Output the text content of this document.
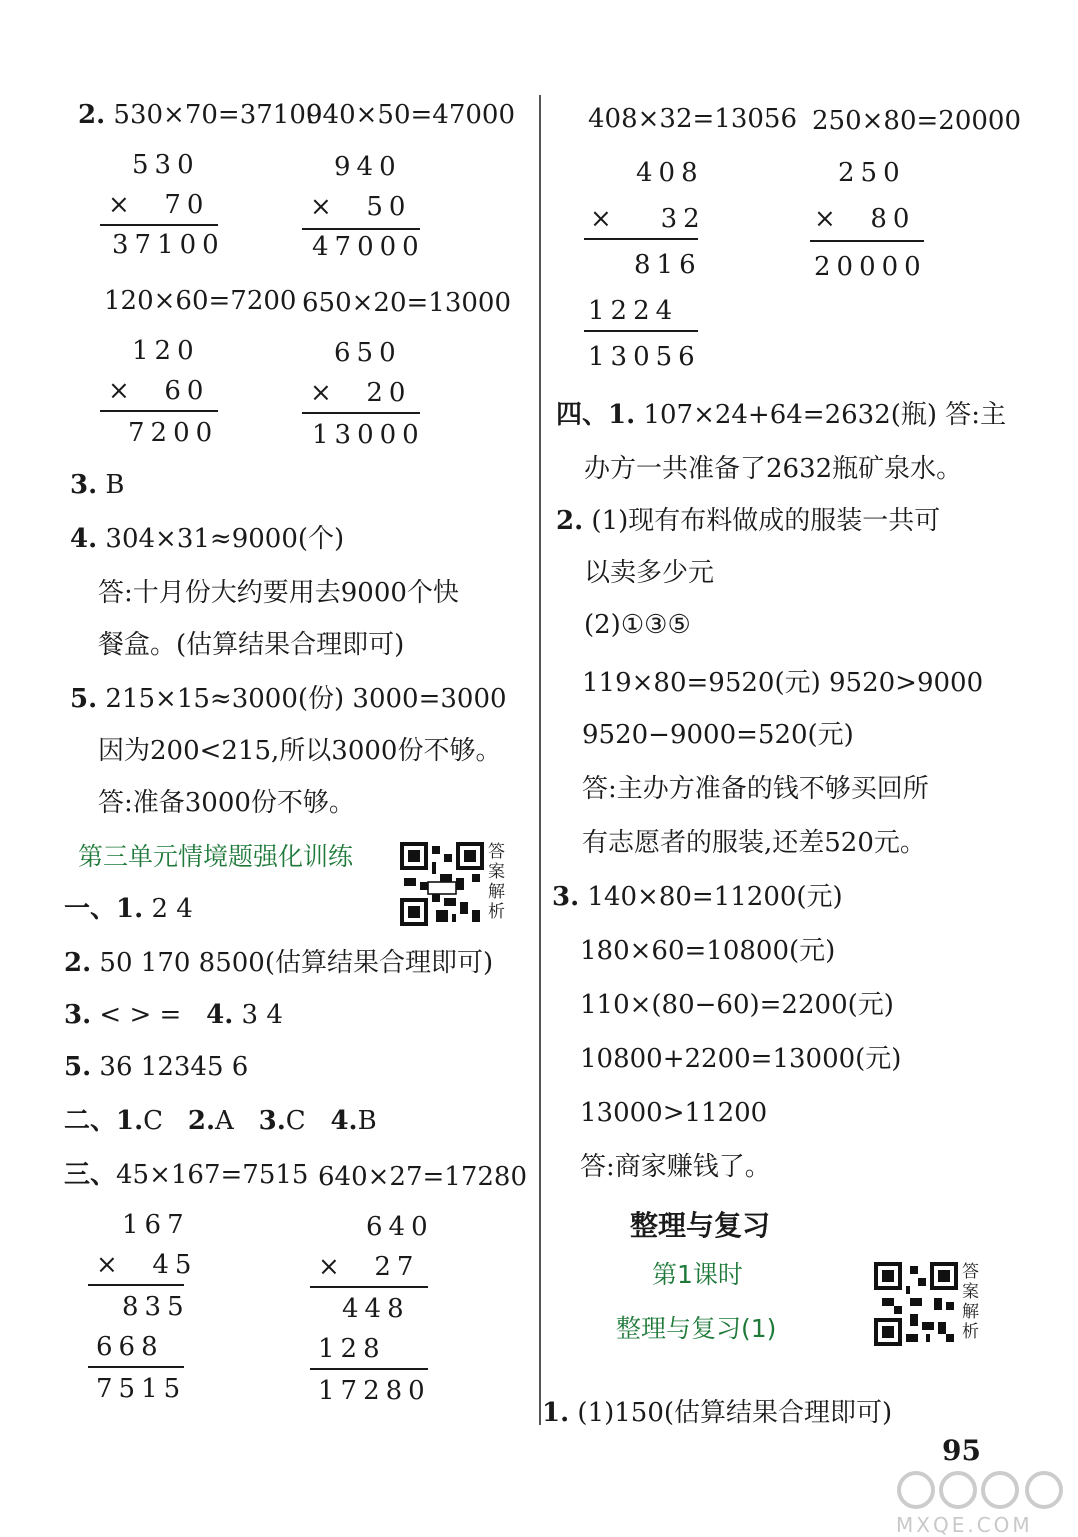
2. 530×70=37100
940×50=47000
530
×  70
37100
940
×  50
47000
120×60=7200 650×20=13000
120
×  60
7200
650
×  20
13000
3. B
4. 304×31≈9000(个)
答:十月份大约要用去9000个快
餐盒。(估算结果合理即可)
5. 215×15≈3000(份) 3000=3000
因为200<215,所以3000份不够。
答:准备3000份不够。
第三单元情境题强化训练	答案解析
一、1. 2 4
2. 50 170 8500(估算结果合理即可)
3. < > = 4. 3 4
5. 36 12345 6
二、1.C 2.A 3.C 4.B
三、45×167=7515 640×27=17280
167
×  45
835
668
7515
640
×  27
448
128
17280
408×32=13056 250×80=20000
408
×   32
816
1224
13056
250
×  80
20000
四、1. 107×24+64=2632(瓶) 答:主
办方一共准备了2632瓶矿泉水。
2. (1)现有布料做成的服装一共可
以卖多少元
(2)①③⑤
119×80=9520(元) 9520>9000
9520−9000=520(元)
答:主办方准备的钱不够买回所
有志愿者的服装,还差520元。
3. 140×80=11200(元)
180×60=10800(元)
110×(80−60)=2200(元)
10800+2200=13000(元)
13000>11200
答:商家赚钱了。
整理与复习
第1课时
整理与复习(1)
答案解析
1. (1)150(估算结果合理即可)
95
MXQE.COM
